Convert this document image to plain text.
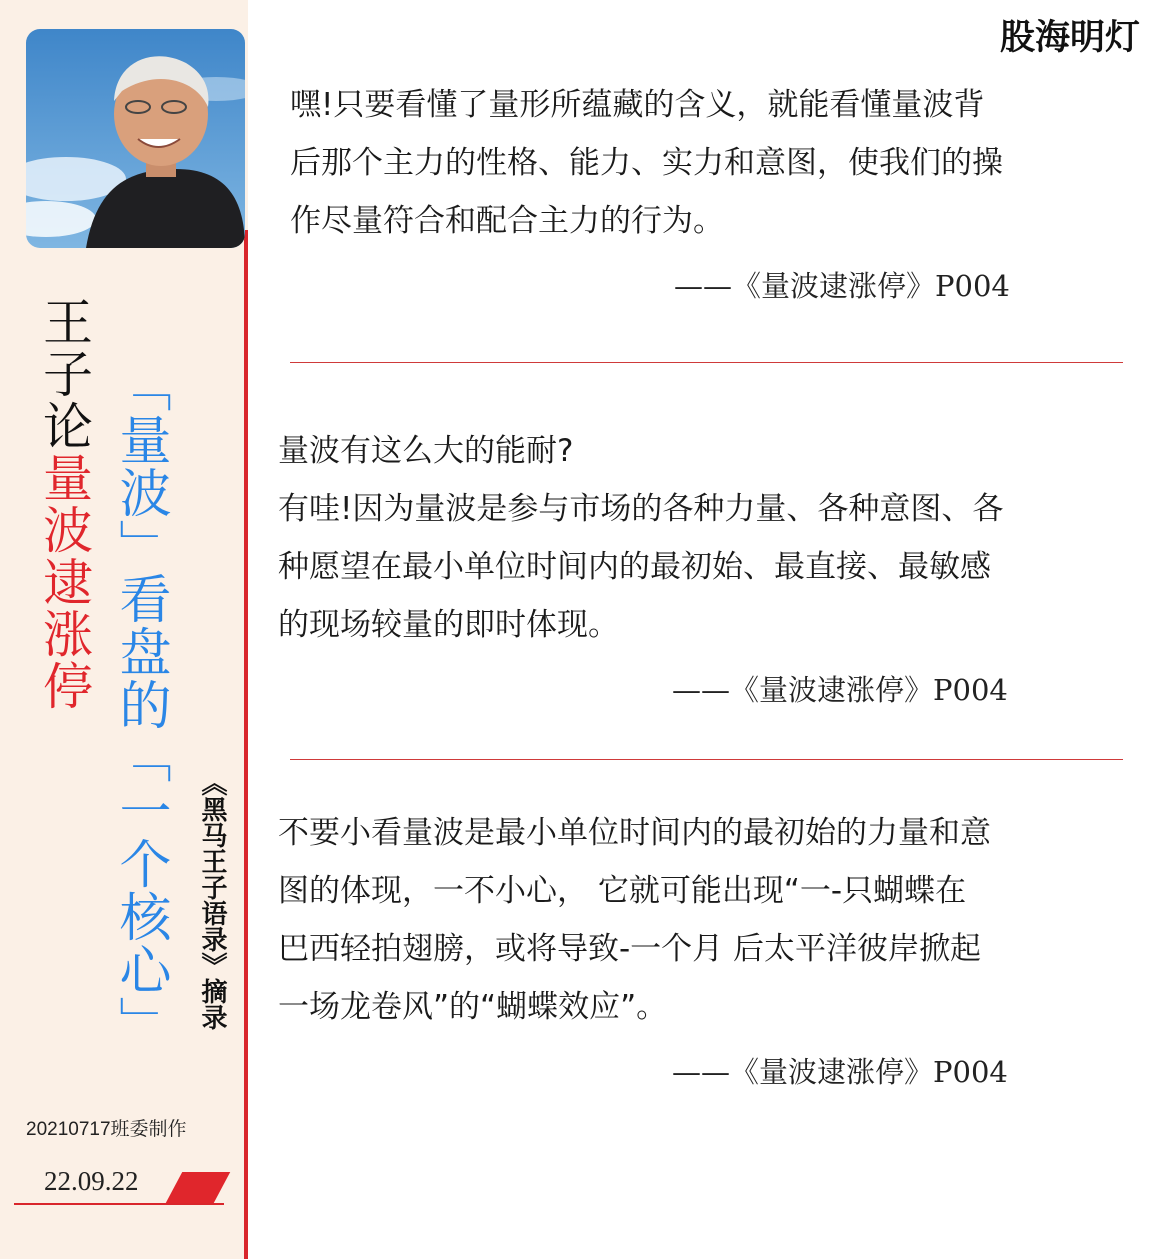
王子论量波逮涨停 「量波」看盘的「一个核心」 《黑马王子语录》摘录
20210717班委制作
22.09.22
股海明灯

嘿!只要看懂了量形所蕴藏的含义，就能看懂量波背

后那个主力的性格、能力、实力和意图，使我们的操

作尽量符合和配合主力的行为。

——《量波逮涨停》P004

量波有这么大的能耐?

有哇!因为量波是参与市场的各种力量、各种意图、各

种愿望在最小单位时间内的最初始、最直接、最敏感

的现场较量的即时体现。

——《量波逮涨停》P004

不要小看量波是最小单位时间内的最初始的力量和意

图的体现，一不小心， 它就可能出现“一-只蝴蝶在

巴西轻拍翅膀，或将导致-一个月 后太平洋彼岸掀起

一场龙卷风”的“蝴蝶效应”。

——《量波逮涨停》P004
